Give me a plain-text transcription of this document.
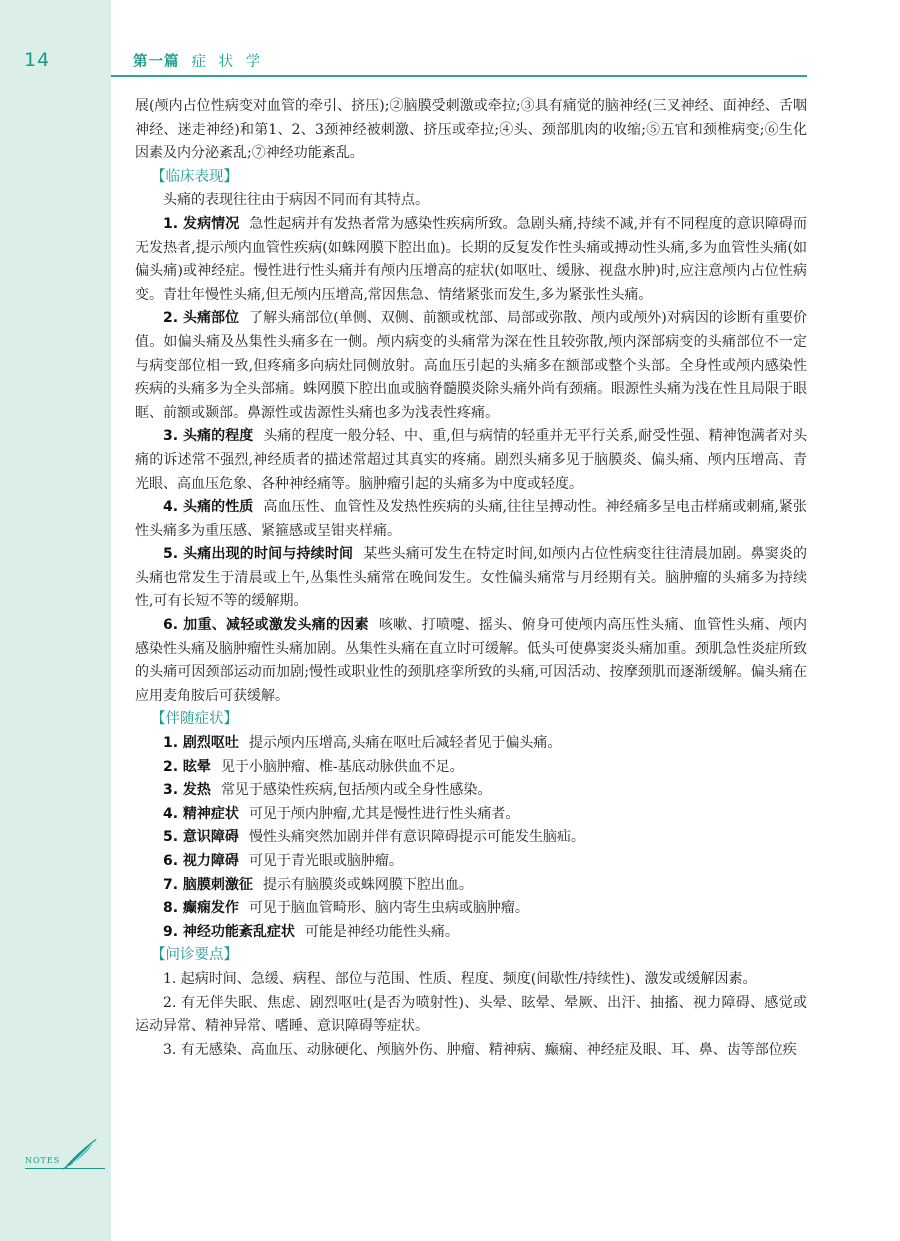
14	第一篇 症 状 学

展(颅内占位性病变对血管的牵引、挤压);②脑膜受刺激或牵拉;③具有痛觉的脑神经(三叉神经、面神经、舌咽神经、迷走神经)和第1、2、3颈神经被刺激、挤压或牵拉;④头、颈部肌肉的收缩;⑤五官和颈椎病变;⑥生化因素及内分泌紊乱;⑦神经功能紊乱。

【临床表现】

头痛的表现往往由于病因不同而有其特点。

1. 发病情况 急性起病并有发热者常为感染性疾病所致。急剧头痛,持续不减,并有不同程度的意识障碍而无发热者,提示颅内血管性疾病(如蛛网膜下腔出血)。长期的反复发作性头痛或搏动性头痛,多为血管性头痛(如偏头痛)或神经症。慢性进行性头痛并有颅内压增高的症状(如呕吐、缓脉、视盘水肿)时,应注意颅内占位性病变。青壮年慢性头痛,但无颅内压增高,常因焦急、情绪紧张而发生,多为紧张性头痛。

2. 头痛部位 了解头痛部位(单侧、双侧、前额或枕部、局部或弥散、颅内或颅外)对病因的诊断有重要价值。如偏头痛及丛集性头痛多在一侧。颅内病变的头痛常为深在性且较弥散,颅内深部病变的头痛部位不一定与病变部位相一致,但疼痛多向病灶同侧放射。高血压引起的头痛多在额部或整个头部。全身性或颅内感染性疾病的头痛多为全头部痛。蛛网膜下腔出血或脑脊髓膜炎除头痛外尚有颈痛。眼源性头痛为浅在性且局限于眼眶、前额或颞部。鼻源性或齿源性头痛也多为浅表性疼痛。

3. 头痛的程度 头痛的程度一般分轻、中、重,但与病情的轻重并无平行关系,耐受性强、精神饱满者对头痛的诉述常不强烈,神经质者的描述常超过其真实的疼痛。剧烈头痛多见于脑膜炎、偏头痛、颅内压增高、青光眼、高血压危象、各种神经痛等。脑肿瘤引起的头痛多为中度或轻度。

4. 头痛的性质 高血压性、血管性及发热性疾病的头痛,往往呈搏动性。神经痛多呈电击样痛或刺痛,紧张性头痛多为重压感、紧箍感或呈钳夹样痛。

5. 头痛出现的时间与持续时间 某些头痛可发生在特定时间,如颅内占位性病变往往清晨加剧。鼻窦炎的头痛也常发生于清晨或上午,丛集性头痛常在晚间发生。女性偏头痛常与月经期有关。脑肿瘤的头痛多为持续性,可有长短不等的缓解期。

6. 加重、减轻或激发头痛的因素 咳嗽、打喷嚏、摇头、俯身可使颅内高压性头痛、血管性头痛、颅内感染性头痛及脑肿瘤性头痛加剧。丛集性头痛在直立时可缓解。低头可使鼻窦炎头痛加重。颈肌急性炎症所致的头痛可因颈部运动而加剧;慢性或职业性的颈肌痉挛所致的头痛,可因活动、按摩颈肌而逐渐缓解。偏头痛在应用麦角胺后可获缓解。

【伴随症状】

1. 剧烈呕吐 提示颅内压增高,头痛在呕吐后减轻者见于偏头痛。

2. 眩晕 见于小脑肿瘤、椎-基底动脉供血不足。

3. 发热 常见于感染性疾病,包括颅内或全身性感染。

4. 精神症状 可见于颅内肿瘤,尤其是慢性进行性头痛者。

5. 意识障碍 慢性头痛突然加剧并伴有意识障碍提示可能发生脑疝。

6. 视力障碍 可见于青光眼或脑肿瘤。

7. 脑膜刺激征 提示有脑膜炎或蛛网膜下腔出血。

8. 癫痫发作 可见于脑血管畸形、脑内寄生虫病或脑肿瘤。

9. 神经功能紊乱症状 可能是神经功能性头痛。

【问诊要点】

1. 起病时间、急缓、病程、部位与范围、性质、程度、频度(间歇性/持续性)、激发或缓解因素。

2. 有无伴失眠、焦虑、剧烈呕吐(是否为喷射性)、头晕、眩晕、晕厥、出汗、抽搐、视力障碍、感觉或运动异常、精神异常、嗜睡、意识障碍等症状。

3. 有无感染、高血压、动脉硬化、颅脑外伤、肿瘤、精神病、癫痫、神经症及眼、耳、鼻、齿等部位疾

NOTES
